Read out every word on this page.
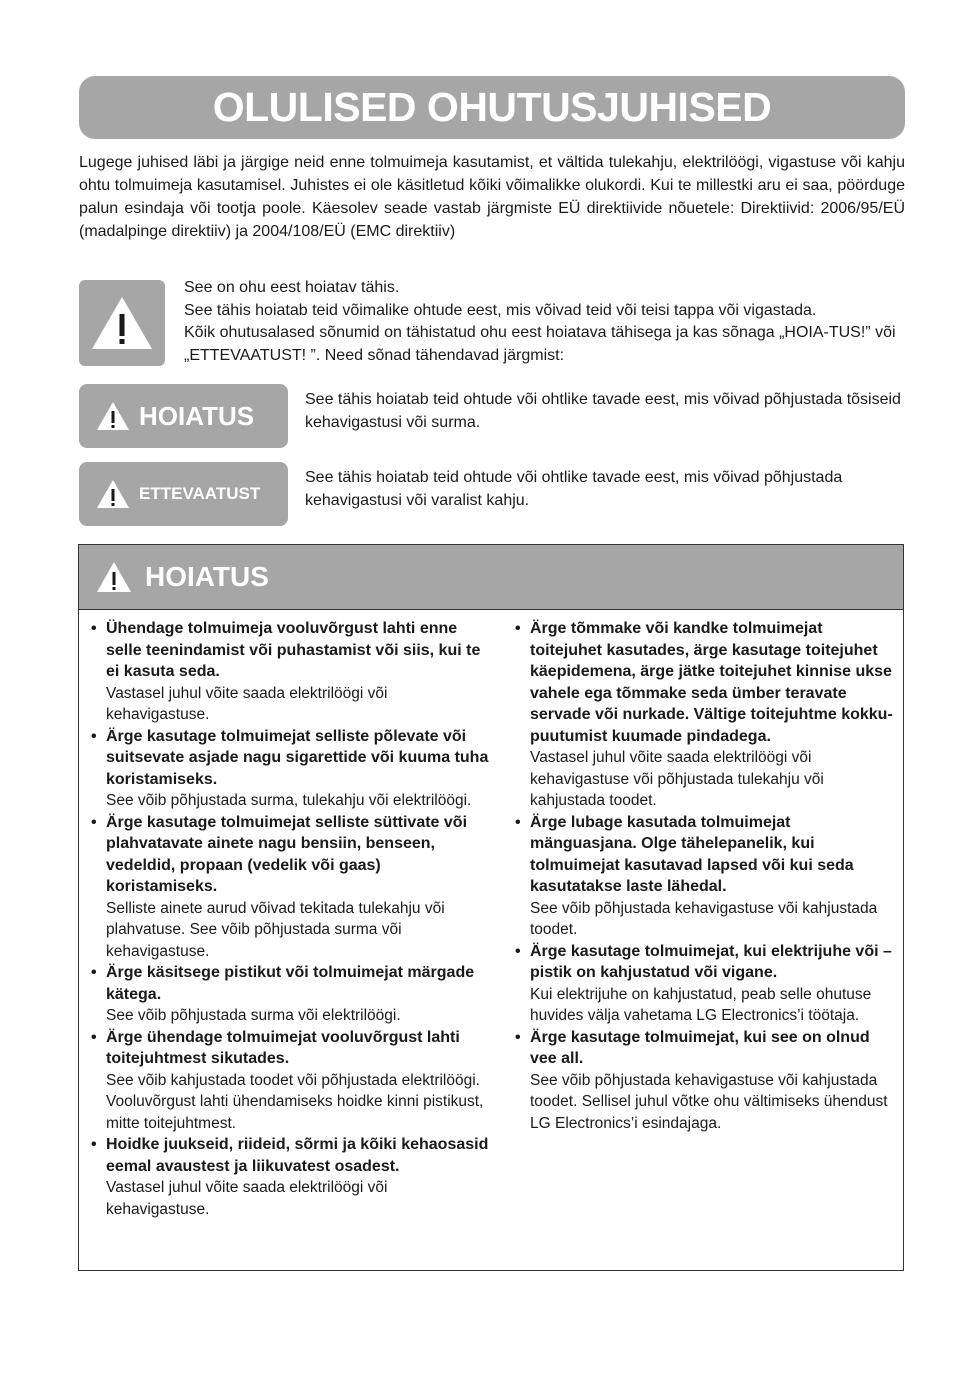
OLULISED OHUTUSJUHISED

Lugege juhised läbi ja järgige neid enne tolmuimeja kasutamist, et vältida tulekahju, elektrilöögi, vigastuse või kahju ohtu tolmuimeja kasutamisel. Juhistes ei ole käsitletud kõiki võimalikke olukordi. Kui te millestki aru ei saa, pöörduge palun esindaja või tootja poole. Käesolev seade vastab järgmiste EÜ direktiivide nõuetele: Direktiivid: 2006/95/EÜ (madalpinge direktiiv) ja 2004/108/EÜ (EMC direktiiv)

See on ohu eest hoiatav tähis.
See tähis hoiatab teid võimalike ohtude eest, mis võivad teid või teisi tappa või vigastada.
Kõik ohutusalased sõnumid on tähistatud ohu eest hoiatava tähisega ja kas sõnaga „HOIA-TUS!” või „ETTEVAATUST! ”. Need sõnad tähendavad järgmist:
HOIATUS

See tähis hoiatab teid ohtude või ohtlike tavade eest, mis võivad põhjustada tõsiseid kehavigastusi või surma.

ETTEVAATUST

See tähis hoiatab teid ohtude või ohtlike tavade eest, mis võivad põhjustada kehavigastusi või varalist kahju.

HOIATUS
• Ühendage tolmuimeja vooluvõrgust lahti enne selle teenindamist või puhastamist või siis, kui te ei kasuta seda.
Vastasel juhul võite saada elektrilöögi või kehavigastuse.
• Ärge kasutage tolmuimejat selliste põlevate või suitsevate asjade nagu sigarettide või kuuma tuha koristamiseks.
See võib põhjustada surma, tulekahju või elektrilöögi.
• Ärge kasutage tolmuimejat selliste süttivate või plahvatavate ainete nagu bensiin, benseen, vedeldid, propaan (vedelik või gaas) koristamiseks.
Selliste ainete aurud võivad tekitada tulekahju või plahvatuse. See võib põhjustada surma või kehavigastuse.
• Ärge käsitsege pistikut või tolmuimejat märgade kätega.
See võib põhjustada surma või elektrilöögi.
• Ärge ühendage tolmuimejat vooluvõrgust lahti toitejuhtmest sikutades.
See võib kahjustada toodet või põhjustada elektrilöögi. Vooluvõrgust lahti ühendamiseks hoidke kinni pistikust, mitte toitejuhtmest.
• Hoidke juukseid, riideid, sõrmi ja kõiki kehaosasid eemal avaustest ja liikuvatest osadest.
Vastasel juhul võite saada elektrilöögi või kehavigastuse.
• Ärge tõmmake või kandke tolmuimejat toitejuhet kasutades, ärge kasutage toitejuhet käepidemena, ärge jätke toitejuhet kinnise ukse vahele ega tõmmake seda ümber teravate servade või nurkade. Vältige toitejuhtme kokku-puutumist kuumade pindadega.
Vastasel juhul võite saada elektrilöögi või kehavigastuse või põhjustada tulekahju või kahjustada toodet.
• Ärge lubage kasutada tolmuimejat mänguasjana. Olge tähelepanelik, kui tolmuimejat kasutavad lapsed või kui seda kasutatakse laste lähedal.
See võib põhjustada kehavigastuse või kahjustada toodet.
• Ärge kasutage tolmuimejat, kui elektrijuhe või –pistik on kahjustatud või vigane.
Kui elektrijuhe on kahjustatud, peab selle ohutuse huvides välja vahetama LG Electronics’i töötaja.
• Ärge kasutage tolmuimejat, kui see on olnud vee all.
See võib põhjustada kehavigastuse või kahjustada toodet. Sellisel juhul võtke ohu vältimiseks ühendust LG Electronics’i esindajaga.
